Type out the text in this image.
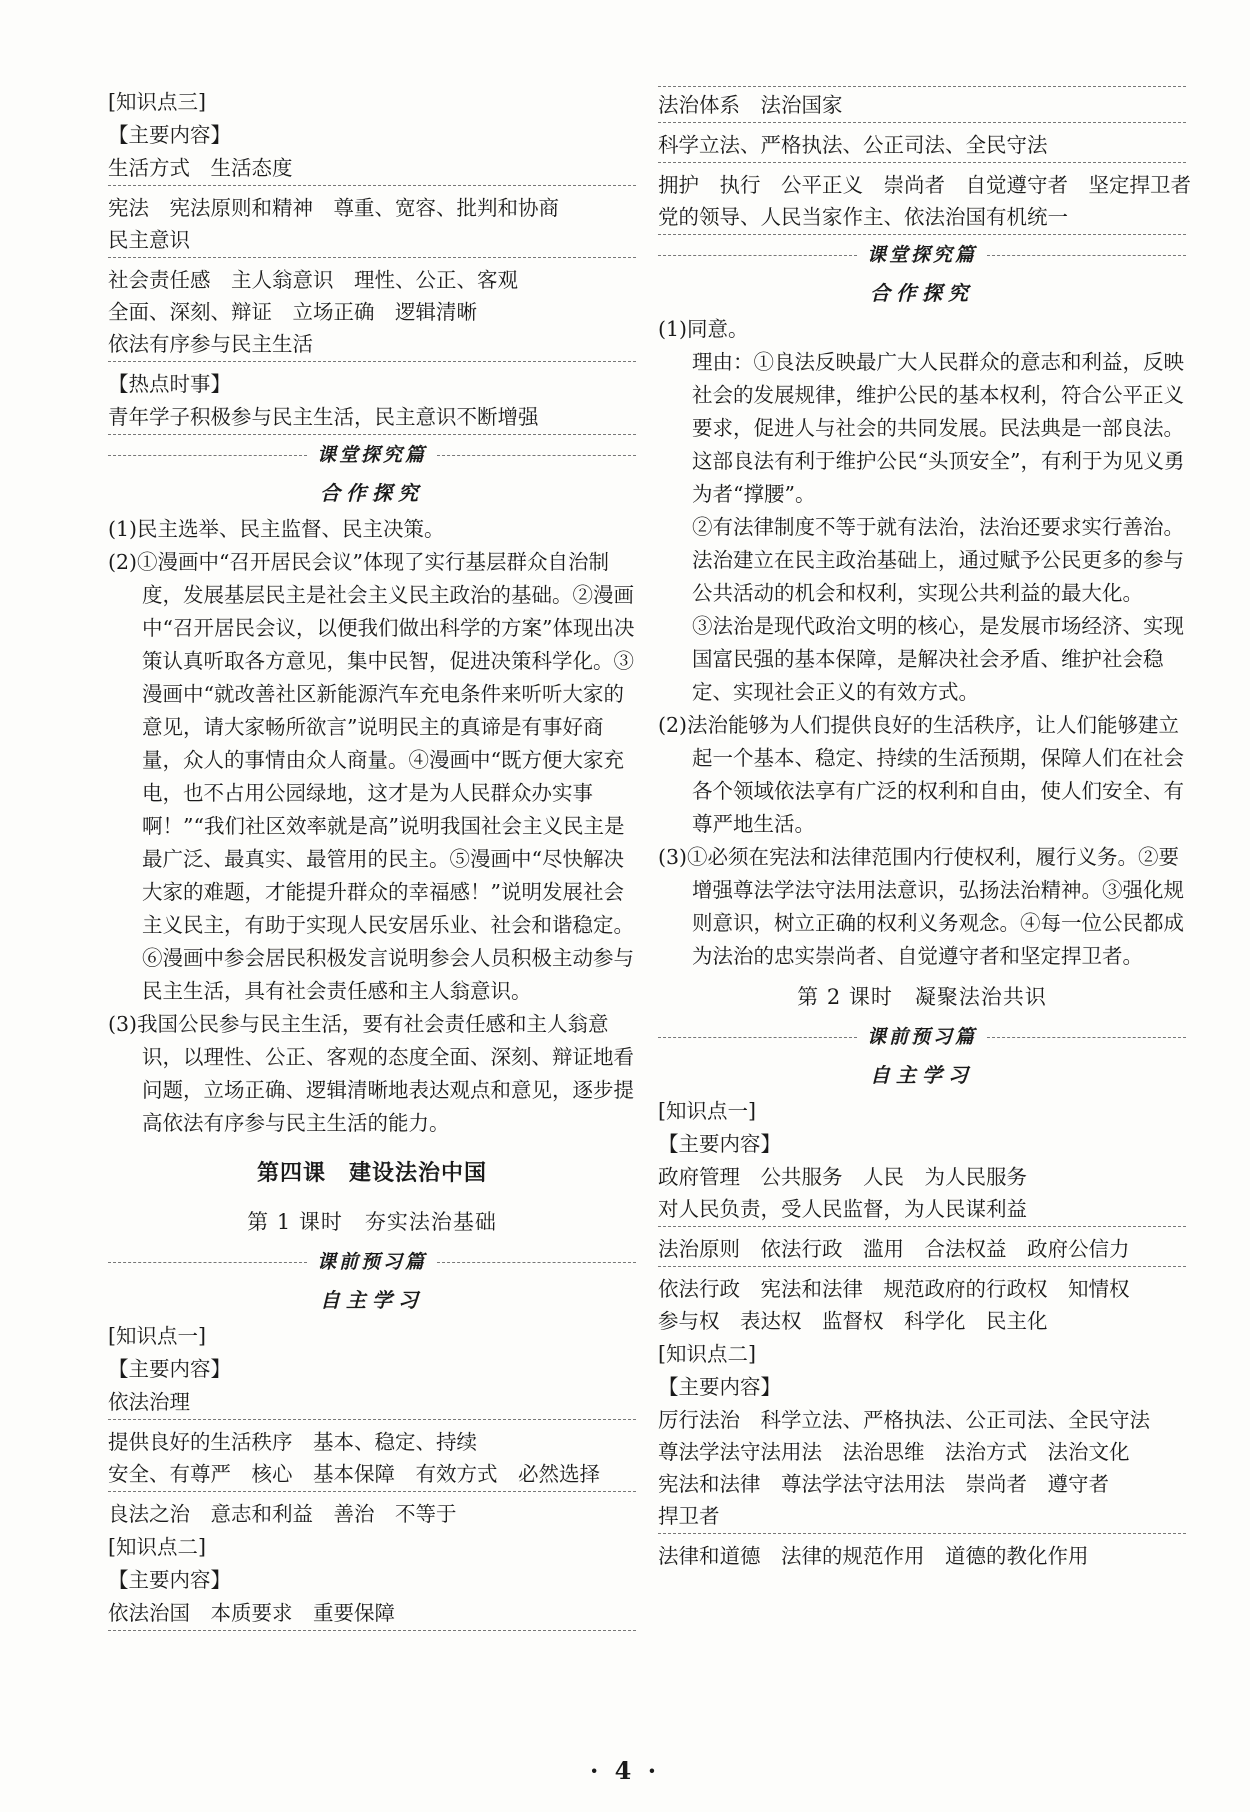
[知识点三]
【主要内容】
生活方式　生活态度
宪法　宪法原则和精神　尊重、宽容、批判和协商
民主意识
社会责任感　主人翁意识　理性、公正、客观
全面、深刻、辩证　立场正确　逻辑清晰
依法有序参与民主生活
【热点时事】
青年学子积极参与民主生活，民主意识不断增强
课堂探究篇
合作探究

(1)民主选举、民主监督、民主决策。

(2)①漫画中“召开居民会议”体现了实行基层群众自治制度，发展基层民主是社会主义民主政治的基础。②漫画中“召开居民会议，以便我们做出科学的方案”体现出决策认真听取各方意见，集中民智，促进决策科学化。③漫画中“就改善社区新能源汽车充电条件来听听大家的意见，请大家畅所欲言”说明民主的真谛是有事好商量，众人的事情由众人商量。④漫画中“既方便大家充电，也不占用公园绿地，这才是为人民群众办实事啊！”“我们社区效率就是高”说明我国社会主义民主是最广泛、最真实、最管用的民主。⑤漫画中“尽快解决大家的难题，才能提升群众的幸福感！”说明发展社会主义民主，有助于实现人民安居乐业、社会和谐稳定。⑥漫画中参会居民积极发言说明参会人员积极主动参与民主生活，具有社会责任感和主人翁意识。

(3)我国公民参与民主生活，要有社会责任感和主人翁意识，以理性、公正、客观的态度全面、深刻、辩证地看问题，立场正确、逻辑清晰地表达观点和意见，逐步提高依法有序参与民主生活的能力。

第四课　建设法治中国
第 1 课时　夯实法治基础
课前预习篇
自主学习
[知识点一]
【主要内容】
依法治理
提供良好的生活秩序　基本、稳定、持续
安全、有尊严　核心　基本保障　有效方式　必然选择
良法之治　意志和利益　善治　不等于
[知识点二]
【主要内容】
依法治国　本质要求　重要保障
法治体系　法治国家
科学立法、严格执法、公正司法、全民守法
拥护　执行　公平正义　崇尚者　自觉遵守者　坚定捍卫者
党的领导、人民当家作主、依法治国有机统一
课堂探究篇
合作探究

(1)同意。

理由：①良法反映最广大人民群众的意志和利益，反映社会的发展规律，维护公民的基本权利，符合公平正义要求，促进人与社会的共同发展。民法典是一部良法。这部良法有利于维护公民“头顶安全”，有利于为见义勇为者“撑腰”。

②有法律制度不等于就有法治，法治还要求实行善治。法治建立在民主政治基础上，通过赋予公民更多的参与公共活动的机会和权利，实现公共利益的最大化。

③法治是现代政治文明的核心，是发展市场经济、实现国富民强的基本保障，是解决社会矛盾、维护社会稳定、实现社会正义的有效方式。

(2)法治能够为人们提供良好的生活秩序，让人们能够建立起一个基本、稳定、持续的生活预期，保障人们在社会各个领域依法享有广泛的权利和自由，使人们安全、有尊严地生活。

(3)①必须在宪法和法律范围内行使权利，履行义务。②要增强尊法学法守法用法意识，弘扬法治精神。③强化规则意识，树立正确的权利义务观念。④每一位公民都成为法治的忠实崇尚者、自觉遵守者和坚定捍卫者。

第 2 课时　凝聚法治共识
课前预习篇
自主学习
[知识点一]
【主要内容】
政府管理　公共服务　人民　为人民服务
对人民负责，受人民监督，为人民谋利益
法治原则　依法行政　滥用　合法权益　政府公信力
依法行政　宪法和法律　规范政府的行政权　知情权
参与权　表达权　监督权　科学化　民主化
[知识点二]
【主要内容】
厉行法治　科学立法、严格执法、公正司法、全民守法
尊法学法守法用法　法治思维　法治方式　法治文化
宪法和法律　尊法学法守法用法　崇尚者　遵守者
捍卫者
法律和道德　法律的规范作用　道德的教化作用
· 4 ·
